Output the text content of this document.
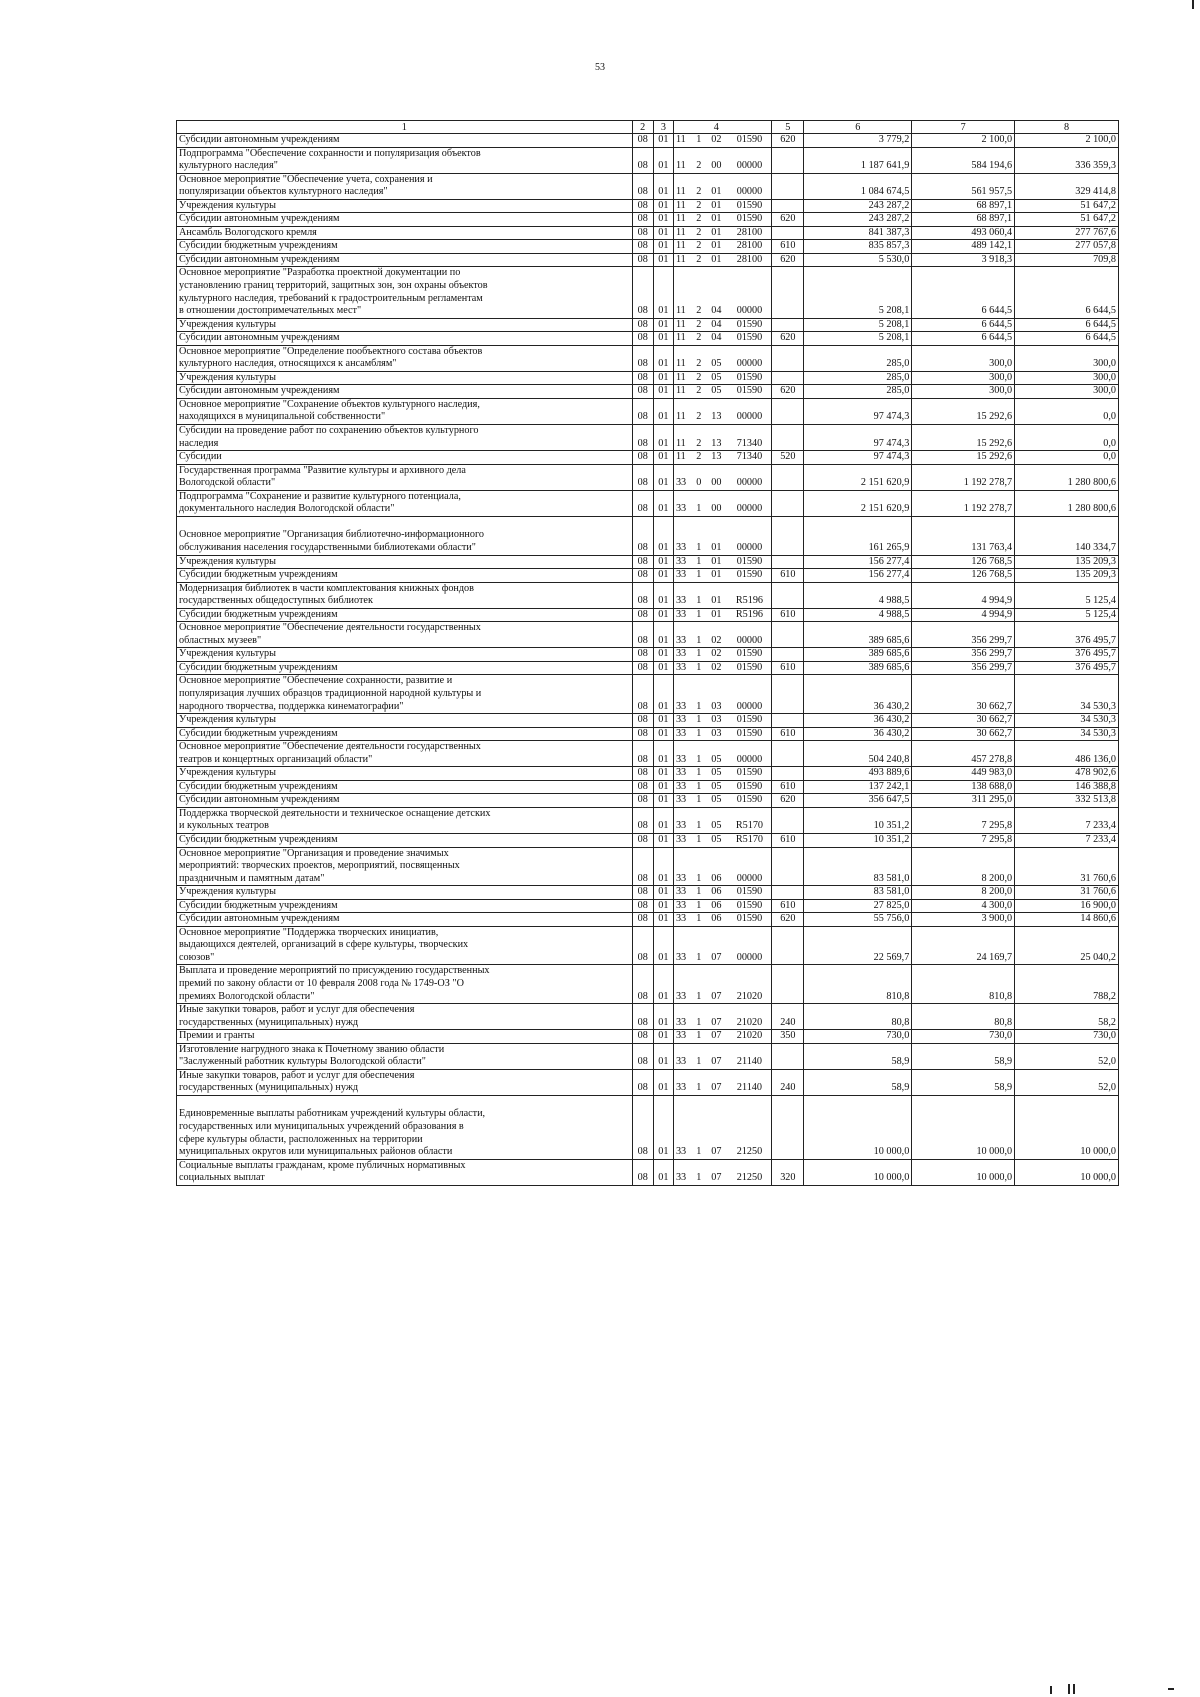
53
1	2	3			4		5	6	7	8
Субсидии автономным учреждениям	08	01	11	1	02	01590	620	3 779,2	2 100,0	2 100,0
Подпрограмма "Обеспечение сохранности и популяризация объектов
культурного наследия"	08	01	11	2	00	00000		1 187 641,9	584 194,6	336 359,3
Основное мероприятие "Обеспечение учета, сохранения и
популяризации объектов культурного наследия"	08	01	11	2	01	00000		1 084 674,5	561 957,5	329 414,8
Учреждения культуры	08	01	11	2	01	01590		243 287,2	68 897,1	51 647,2
Субсидии автономным учреждениям	08	01	11	2	01	01590	620	243 287,2	68 897,1	51 647,2
Ансамбль Вологодского кремля	08	01	11	2	01	28100		841 387,3	493 060,4	277 767,6
Субсидии бюджетным учреждениям	08	01	11	2	01	28100	610	835 857,3	489 142,1	277 057,8
Субсидии автономным учреждениям	08	01	11	2	01	28100	620	5 530,0	3 918,3	709,8
Основное мероприятие "Разработка проектной документации по
установлению границ территорий, защитных зон, зон охраны объектов
культурного наследия, требований к градостроительным регламентам
в отношении достопримечательных мест"	08	01	11	2	04	00000		5 208,1	6 644,5	6 644,5
Учреждения культуры	08	01	11	2	04	01590		5 208,1	6 644,5	6 644,5
Субсидии автономным учреждениям	08	01	11	2	04	01590	620	5 208,1	6 644,5	6 644,5
Основное мероприятие "Определение пообъектного состава объектов
культурного наследия, относящихся к ансамблям"	08	01	11	2	05	00000		285,0	300,0	300,0
Учреждения культуры	08	01	11	2	05	01590		285,0	300,0	300,0
Субсидии автономным учреждениям	08	01	11	2	05	01590	620	285,0	300,0	300,0
Основное мероприятие "Сохранение объектов культурного наследия,
находящихся в муниципальной собственности"	08	01	11	2	13	00000		97 474,3	15 292,6	0,0
Субсидии на проведение работ по сохранению объектов культурного
наследия	08	01	11	2	13	71340		97 474,3	15 292,6	0,0
Субсидии	08	01	11	2	13	71340	520	97 474,3	15 292,6	0,0
Государственная программа "Развитие культуры и архивного дела
Вологодской области"	08	01	33	0	00	00000		2 151 620,9	1 192 278,7	1 280 800,6
Подпрограмма "Сохранение и развитие культурного потенциала,
документального наследия Вологодской области"	08	01	33	1	00	00000		2 151 620,9	1 192 278,7	1 280 800,6

Основное мероприятие "Организация библиотечно-информационного
обслуживания населения государственными библиотеками области"	08	01	33	1	01	00000		161 265,9	131 763,4	140 334,7
Учреждения культуры	08	01	33	1	01	01590		156 277,4	126 768,5	135 209,3
Субсидии бюджетным учреждениям	08	01	33	1	01	01590	610	156 277,4	126 768,5	135 209,3
Модернизация библиотек в части комплектования книжных фондов
государственных общедоступных библиотек	08	01	33	1	01	R5196		4 988,5	4 994,9	5 125,4
Субсидии бюджетным учреждениям	08	01	33	1	01	R5196	610	4 988,5	4 994,9	5 125,4
Основное мероприятие "Обеспечение деятельности государственных
областных музеев"	08	01	33	1	02	00000		389 685,6	356 299,7	376 495,7
Учреждения культуры	08	01	33	1	02	01590		389 685,6	356 299,7	376 495,7
Субсидии бюджетным учреждениям	08	01	33	1	02	01590	610	389 685,6	356 299,7	376 495,7
Основное мероприятие "Обеспечение сохранности, развитие и
популяризация лучших образцов традиционной народной культуры и
народного творчества, поддержка кинематографии"	08	01	33	1	03	00000		36 430,2	30 662,7	34 530,3
Учреждения культуры	08	01	33	1	03	01590		36 430,2	30 662,7	34 530,3
Субсидии бюджетным учреждениям	08	01	33	1	03	01590	610	36 430,2	30 662,7	34 530,3
Основное мероприятие "Обеспечение деятельности государственных
театров и концертных организаций области"	08	01	33	1	05	00000		504 240,8	457 278,8	486 136,0
Учреждения культуры	08	01	33	1	05	01590		493 889,6	449 983,0	478 902,6
Субсидии бюджетным учреждениям	08	01	33	1	05	01590	610	137 242,1	138 688,0	146 388,8
Субсидии автономным учреждениям	08	01	33	1	05	01590	620	356 647,5	311 295,0	332 513,8
Поддержка творческой деятельности и техническое оснащение детских
и кукольных театров	08	01	33	1	05	R5170		10 351,2	7 295,8	7 233,4
Субсидии бюджетным учреждениям	08	01	33	1	05	R5170	610	10 351,2	7 295,8	7 233,4
Основное мероприятие "Организация и проведение значимых
мероприятий: творческих проектов, мероприятий, посвященных
праздничным и памятным датам"	08	01	33	1	06	00000		83 581,0	8 200,0	31 760,6
Учреждения культуры	08	01	33	1	06	01590		83 581,0	8 200,0	31 760,6
Субсидии бюджетным учреждениям	08	01	33	1	06	01590	610	27 825,0	4 300,0	16 900,0
Субсидии автономным учреждениям	08	01	33	1	06	01590	620	55 756,0	3 900,0	14 860,6
Основное мероприятие "Поддержка творческих инициатив,
выдающихся деятелей, организаций в сфере культуры, творческих
союзов"	08	01	33	1	07	00000		22 569,7	24 169,7	25 040,2
Выплата и проведение мероприятий по присуждению государственных
премий по закону области от 10 февраля 2008 года № 1749-ОЗ "О
премиях Вологодской области"	08	01	33	1	07	21020		810,8	810,8	788,2
Иные закупки товаров, работ и услуг для обеспечения
государственных (муниципальных) нужд	08	01	33	1	07	21020	240	80,8	80,8	58,2
Премии и гранты	08	01	33	1	07	21020	350	730,0	730,0	730,0
Изготовление нагрудного знака к Почетному званию области
"Заслуженный работник культуры Вологодской области"	08	01	33	1	07	21140		58,9	58,9	52,0
Иные закупки товаров, работ и услуг для обеспечения
государственных (муниципальных) нужд	08	01	33	1	07	21140	240	58,9	58,9	52,0

Единовременные выплаты работникам учреждений культуры области,
государственных или муниципальных учреждений образования в
сфере культуры области, расположенных на территории
муниципальных округов или муниципальных районов области	08	01	33	1	07	21250		10 000,0	10 000,0	10 000,0
Социальные выплаты гражданам, кроме публичных нормативных
социальных выплат	08	01	33	1	07	21250	320	10 000,0	10 000,0	10 000,0
